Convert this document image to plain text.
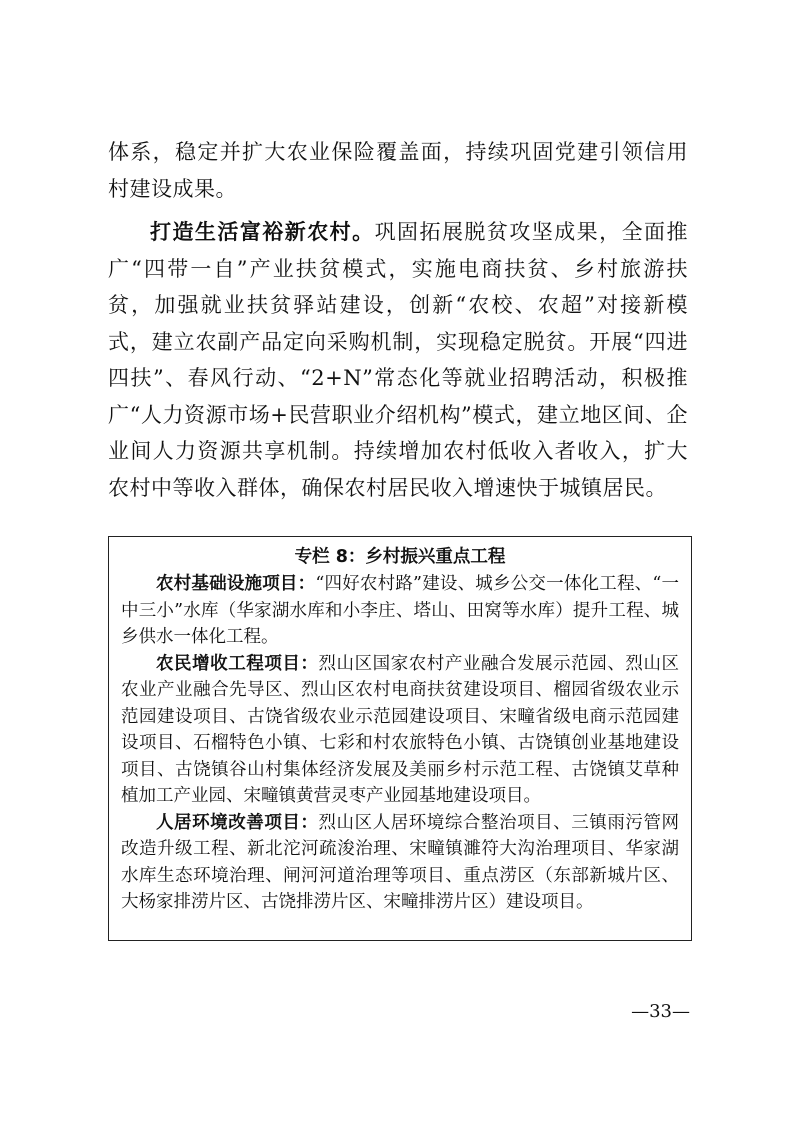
体系，稳定并扩大农业保险覆盖面，持续巩固党建引领信用村建设成果。

打造生活富裕新农村。巩固拓展脱贫攻坚成果，全面推广“四带一自”产业扶贫模式，实施电商扶贫、乡村旅游扶贫，加强就业扶贫驿站建设，创新“农校、农超”对接新模式，建立农副产品定向采购机制，实现稳定脱贫。开展“四进四扶”、春风行动、“2+N”常态化等就业招聘活动，积极推广“人力资源市场+民营职业介绍机构”模式，建立地区间、企业间人力资源共享机制。持续增加农村低收入者收入，扩大农村中等收入群体，确保农村居民收入增速快于城镇居民。

专栏 8：乡村振兴重点工程

农村基础设施项目：“四好农村路”建设、城乡公交一体化工程、“一中三小”水库（华家湖水库和小李庄、塔山、田窝等水库）提升工程、城乡供水一体化工程。

农民增收工程项目：烈山区国家农村产业融合发展示范园、烈山区农业产业融合先导区、烈山区农村电商扶贫建设项目、榴园省级农业示范园建设项目、古饶省级农业示范园建设项目、宋疃省级电商示范园建设项目、石榴特色小镇、七彩和村农旅特色小镇、古饶镇创业基地建设项目、古饶镇谷山村集体经济发展及美丽乡村示范工程、古饶镇艾草种植加工产业园、宋疃镇黄营灵枣产业园基地建设项目。

人居环境改善项目：烈山区人居环境综合整治项目、三镇雨污管网改造升级工程、新北沱河疏浚治理、宋疃镇濉符大沟治理项目、华家湖水库生态环境治理、闸河河道治理等项目、重点涝区（东部新城片区、大杨家排涝片区、古饶排涝片区、宋疃排涝片区）建设项目。

—33—
